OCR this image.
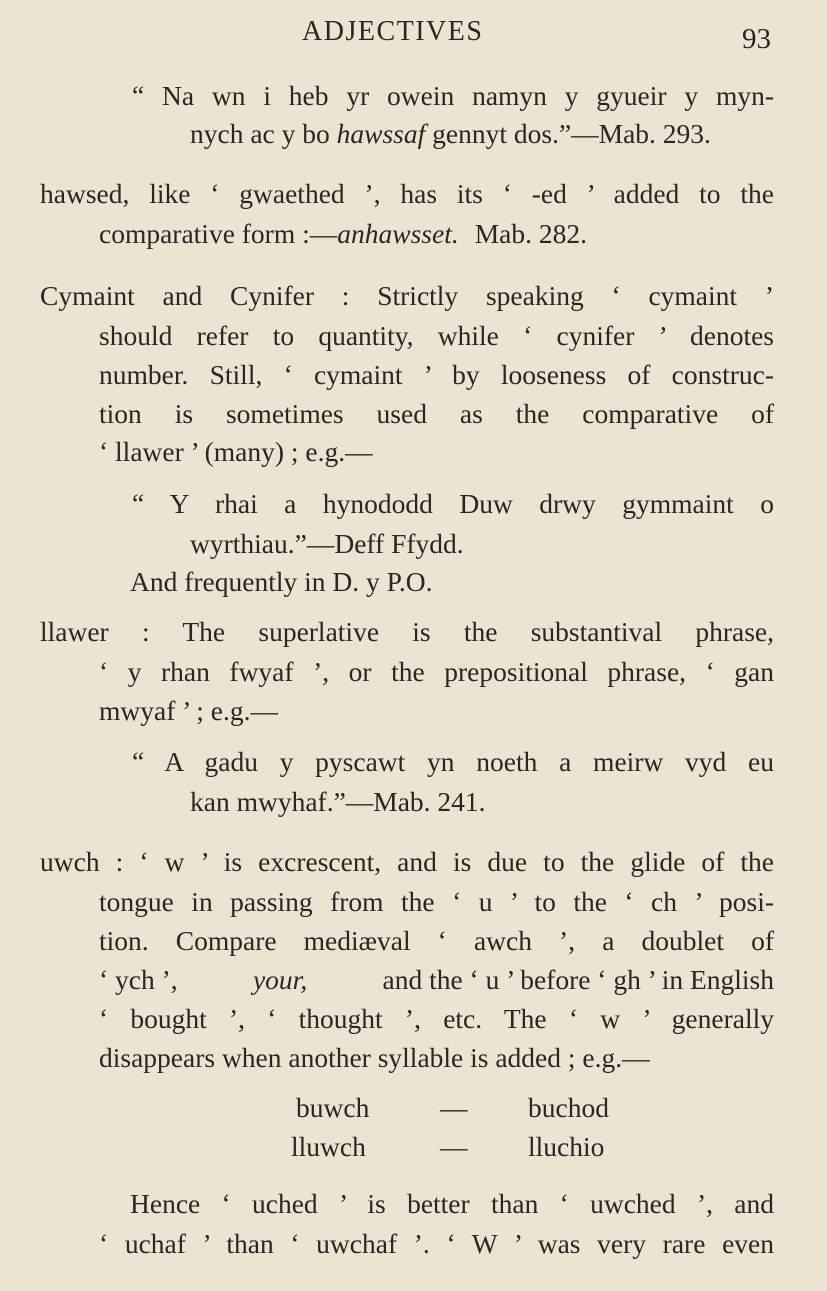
ADJECTIVES	93
“ Na wn i heb yr owein namyn y gyueir y myn-
nych ac y bo hawssaf gennyt dos.”—Mab. 293.
hawsed, like ‘ gwaethed ’, has its ‘ -ed ’ added to the
comparative form :—anhawsset. Mab. 282.
Cymaint and Cynifer : Strictly speaking ‘ cymaint ’
should refer to quantity, while ‘ cynifer ’ denotes
number. Still, ‘ cymaint ’ by looseness of construc-
tion is sometimes used as the comparative of
‘ llawer ’ (many) ; e.g.—
“ Y rhai a hynododd Duw drwy gymmaint o
wyrthiau.”—Deff Ffydd.
And frequently in D. y P.O.
llawer : The superlative is the substantival phrase,
‘ y rhan fwyaf ’, or the prepositional phrase, ‘ gan
mwyaf ’ ; e.g.—
“ A gadu y pyscawt yn noeth a meirw vyd eu
kan mwyhaf.”—Mab. 241.
uwch : ‘ w ’ is excrescent, and is due to the glide of the
tongue in passing from the ‘ u ’ to the ‘ ch ’ posi-
tion. Compare mediæval ‘ awch ’, a doublet of
‘ ych ’,	your,	and the ‘ u ’ before ‘ gh ’ in English
‘ bought ’, ‘ thought ’, etc. The ‘ w ’ generally
disappears when another syllable is added ; e.g.—
buwch	— buchod
lluwch	— lluchio
Hence ‘ uched ’ is better than ‘ uwched ’, and
‘ uchaf ’ than ‘ uwchaf ’. ‘ W ’ was very rare even
